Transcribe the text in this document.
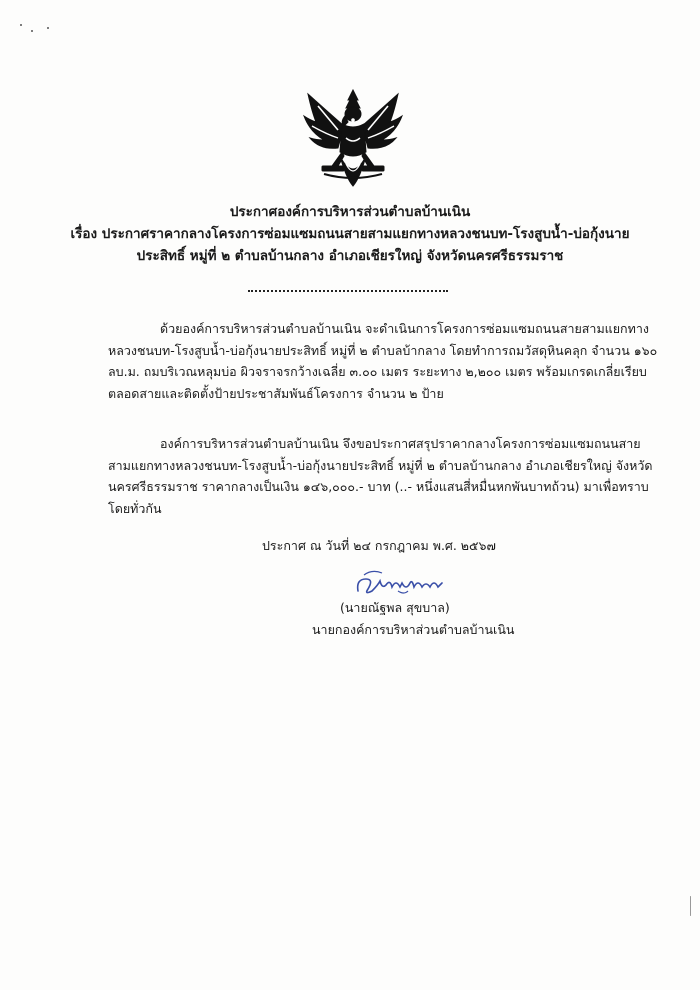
ประกาศองค์การบริหารส่วนตำบลบ้านเนิน
เรื่อง ประกาศราคากลางโครงการซ่อมแซมถนนสายสามแยกทางหลวงชนบท-โรงสูบน้ำ-บ่อกุ้งนาย
ประสิทธิ์ หมู่ที่ ๒ ตำบลบ้านกลาง อำเภอเชียรใหญ่ จังหวัดนครศรีธรรมราช
ด้วยองค์การบริหารส่วนตำบลบ้านเนิน จะดำเนินการโครงการซ่อมแซมถนนสายสามแยกทาง
หลวงชนบท-โรงสูบน้ำ-บ่อกุ้งนายประสิทธิ์ หมู่ที่ ๒ ตำบลบ้ากลาง โดยทำการถมวัสดุหินคลุก จำนวน ๑๖๐
ลบ.ม. ถมบริเวณหลุมบ่อ ผิวจราจรกว้างเฉลี่ย ๓.๐๐ เมตร ระยะทาง ๒,๒๐๐ เมตร พร้อมเกรดเกลี่ยเรียบ
ตลอดสายและติดตั้งป้ายประชาสัมพันธ์โครงการ จำนวน ๒ ป้าย
องค์การบริหารส่วนตำบลบ้านเนิน จึงขอประกาศสรุปราคากลางโครงการซ่อมแซมถนนสาย
สามแยกทางหลวงชนบท-โรงสูบน้ำ-บ่อกุ้งนายประสิทธิ์ หมู่ที่ ๒ ตำบลบ้านกลาง อำเภอเชียรใหญ่ จังหวัด
นครศรีธรรมราช ราคากลางเป็นเงิน ๑๔๖,๐๐๐.- บาท (..- หนึ่งแสนสี่หมื่นหกพันบาทถ้วน) มาเพื่อทราบ
โดยทั่วกัน
ประกาศ ณ วันที่ ๒๔ กรกฎาคม พ.ศ. ๒๕๖๗
(นายณัฐพล สุขบาล)
นายกองค์การบริหาส่วนตำบลบ้านเนิน
